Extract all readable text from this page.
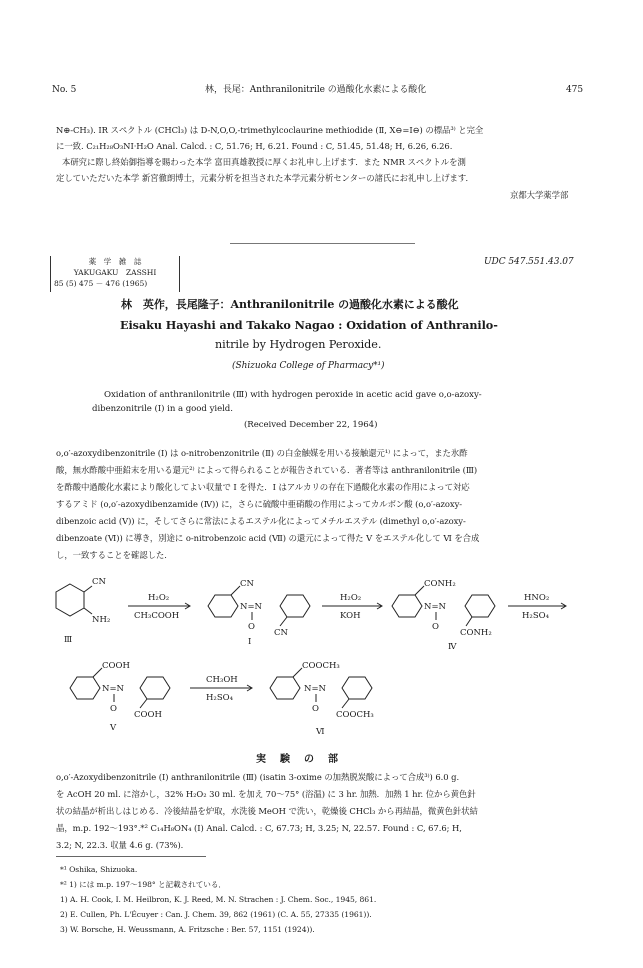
No. 5	林，長尾：Anthranilonitrile の過酸化水素による酸化	475
N⊕-CH₃). IR スペクトル (CHCl₃) は D-N,O,O,-trimethylcoclaurine methiodide (Ⅱ, X⊖=I⊖) の標品³⁾ と完全
に一致. C₂₁H₂₈O₃NI·H₂O Anal. Calcd. : C, 51.76; H, 6.21. Found : C, 51.45, 51.48; H, 6.26, 6.26.
本研究に際し終始御指導を賜わった本学 富田真雄教授に厚くお礼申し上げます．また NMR スペクトルを測
定していただいた本学 新宮徹朗博士，元素分析を担当された本学元素分析センターの諸氏にお礼申し上げます．
京都大学薬学部
薬　学　雑　誌
YAKUGAKU　ZASSHI
85 (5) 475 － 476 (1965)
UDC 547.551.43.07
林　英作，長尾隆子：Anthranilonitrile の過酸化水素による酸化
Eisaku Hayashi and Takako Nagao : Oxidation of Anthranilo-
nitrile by Hydrogen Peroxide.
(Shizuoka College of Pharmacy*¹)
Oxidation of anthranilonitrile (Ⅲ) with hydrogen peroxide in acetic acid gave o,o-azoxy-
dibenzonitrile (Ⅰ) in a good yield.
(Received December 22, 1964)
o,o′-azoxydibenzonitrile (Ⅰ) は o-nitrobenzonitrile (Ⅱ) の白金触媒を用いる接触還元¹⁾ によって，また氷酢
酸，無水酢酸中亜鉛末を用いる還元²⁾ によって得られることが報告されている．著者等は anthranilonitrile (Ⅲ)
を酢酸中過酸化水素により酸化してよい収量で Ⅰ を得た．Ⅰ はアルカリの存在下過酸化水素の作用によって対応
するアミド (o,o′-azoxydibenzamide (Ⅳ)) に，さらに硫酸中亜硝酸の作用によってカルボン酸 (o,o′-azoxy-
dibenzoic acid (Ⅴ)) に，そしてさらに常法によるエステル化によってメチルエステル (dimethyl o,o′-azoxy-
dibenzoate (Ⅵ)) に導き，別途に o-nitrobenzoic acid (Ⅶ) の還元によって得た Ⅴ をエステル化して Ⅵ を合成
し，一致することを確認した．
CN
NH₂
Ⅲ
H₂O₂
CH₃COOH
CN
N=N
O
CN
Ⅰ
H₂O₂
KOH
CONH₂
N=N
O
CONH₂
Ⅳ
HNO₂
H₂SO₄
COOH
N=N
O
COOH
Ⅴ
CH₃OH
H₂SO₄
COOCH₃
N=N
O
COOCH₃
Ⅵ
実　験　の　部
o,o′-Azoxydibenzonitrile (Ⅰ) anthranilonitrile (Ⅲ) (isatin 3-oxime の加熱脱炭酸によって合成³⁾) 6.0 g.
を AcOH 20 ml. に溶かし，32% H₂O₂ 30 ml. を加え 70～75° (浴温) に 3 hr. 加熱．加熱 1 hr. 位から黄色針
状の結晶が析出しはじめる．冷後結晶を炉取，水洗後 MeOH で洗い，乾燥後 CHCl₃ から再結晶，微黄色針状結
晶，m.p. 192～193°.*² C₁₄H₈ON₄ (Ⅰ) Anal. Calcd. : C, 67.73; H, 3.25; N, 22.57. Found : C, 67.6; H,
3.2; N, 22.3. 収量 4.6 g. (73%).
*¹ Oshika, Shizuoka.
*² 1) には m.p. 197～198° と記載されている．
1) A. H. Cook, I. M. Heilbron, K. J. Reed, M. N. Strachen : J. Chem. Soc., 1945, 861.
2) E. Cullen, Ph. L'Écuyer : Can. J. Chem. 39, 862 (1961) (C. A. 55, 27335 (1961)).
3) W. Borsche, H. Weussmann, A. Fritzsche : Ber. 57, 1151 (1924)).
